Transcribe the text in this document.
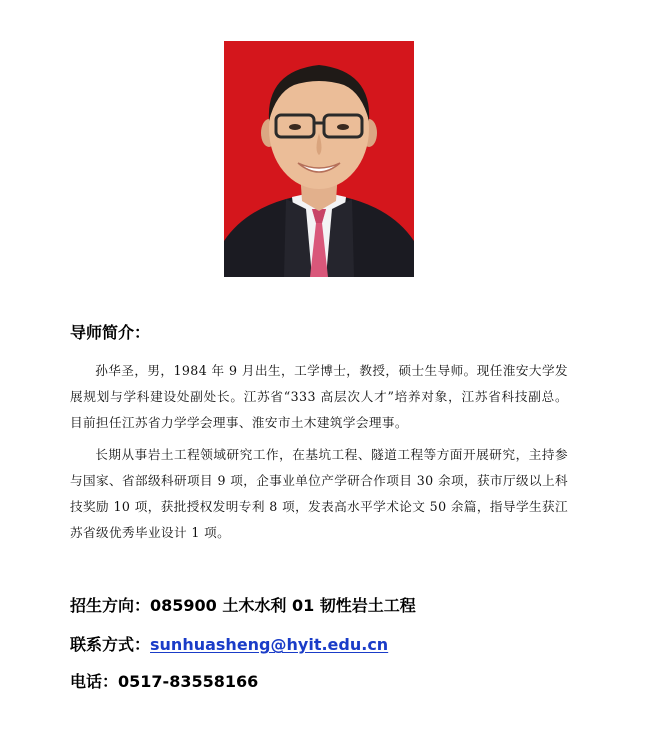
导师简介：
孙华圣，男，1984 年 9 月出生，工学博士，教授，硕士生导师。现任淮安大学发展规划与学科建设处副处长。江苏省“333 高层次人才”培养对象，江苏省科技副总。目前担任江苏省力学学会理事、淮安市土木建筑学会理事。
长期从事岩土工程领域研究工作，在基坑工程、隧道工程等方面开展研究，主持参与国家、省部级科研项目 9 项，企事业单位产学研合作项目 30 余项，获市厅级以上科技奖励 10 项，获批授权发明专利 8 项，发表高水平学术论文 50 余篇，指导学生获江苏省级优秀毕业设计 1 项。
招生方向：085900 土木水利 01 韧性岩土工程
联系方式：sunhuasheng@hyit.edu.cn
电话：0517-83558166
